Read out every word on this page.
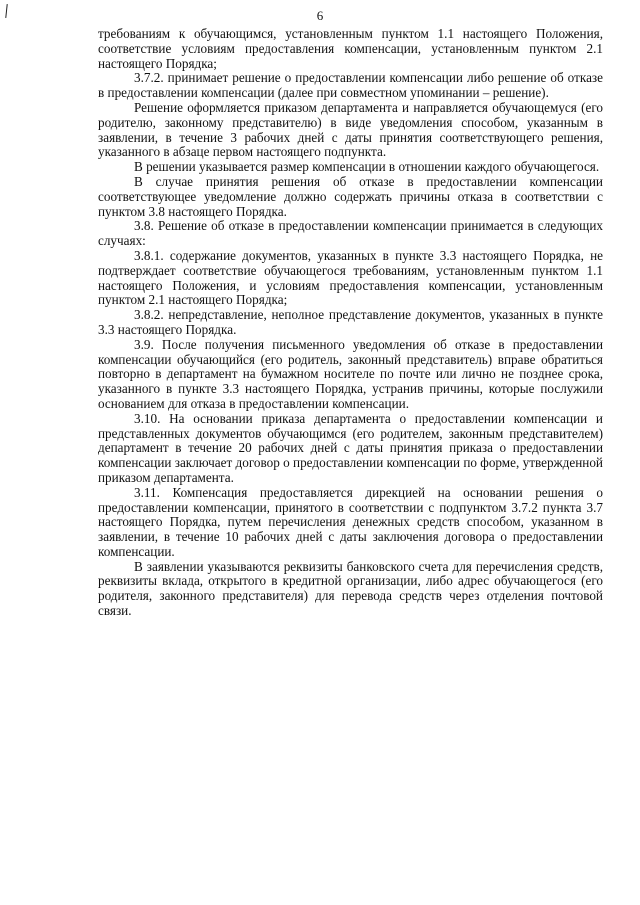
6

требованиям к обучающимся, установленным пунктом 1.1 настоящего Положения, соответствие условиям предоставления компенсации, установленным пунктом 2.1 настоящего Порядка;

3.7.2. принимает решение о предоставлении компенсации либо решение об отказе в предоставлении компенсации (далее при совместном упоминании – решение).

Решение оформляется приказом департамента и направляется обучающемуся (его родителю, законному представителю) в виде уведомления способом, указанным в заявлении, в течение 3 рабочих дней с даты принятия соответствующего решения, указанного в абзаце первом настоящего подпункта.

В решении указывается размер компенсации в отношении каждого обучающегося.

В случае принятия решения об отказе в предоставлении компенсации соответствующее уведомление должно содержать причины отказа в соответствии с пунктом 3.8 настоящего Порядка.

3.8. Решение об отказе в предоставлении компенсации принимается в следующих случаях:

3.8.1. содержание документов, указанных в пункте 3.3 настоящего Порядка, не подтверждает соответствие обучающегося требованиям, установленным пунктом 1.1 настоящего Положения, и условиям предоставления компенсации, установленным пунктом 2.1 настоящего Порядка;

3.8.2. непредставление, неполное представление документов, указанных в пункте 3.3 настоящего Порядка.

3.9. После получения письменного уведомления об отказе в предоставлении компенсации обучающийся (его родитель, законный представитель) вправе обратиться повторно в департамент на бумажном носителе по почте или лично не позднее срока, указанного в пункте 3.3 настоящего Порядка, устранив причины, которые послужили основанием для отказа в предоставлении компенсации.

3.10. На основании приказа департамента о предоставлении компенсации и представленных документов обучающимся (его родителем, законным представителем) департамент в течение 20 рабочих дней с даты принятия приказа о предоставлении компенсации заключает договор о предоставлении компенсации по форме, утвержденной приказом департамента.

3.11. Компенсация предоставляется дирекцией на основании решения о предоставлении компенсации, принятого в соответствии с подпунктом 3.7.2 пункта 3.7 настоящего Порядка, путем перечисления денежных средств способом, указанном в заявлении, в течение 10 рабочих дней с даты заключения договора о предоставлении компенсации.

В заявлении указываются реквизиты банковского счета для перечисления средств, реквизиты вклада, открытого в кредитной организации, либо адрес обучающегося (его родителя, законного представителя) для перевода средств через отделения почтовой связи.
